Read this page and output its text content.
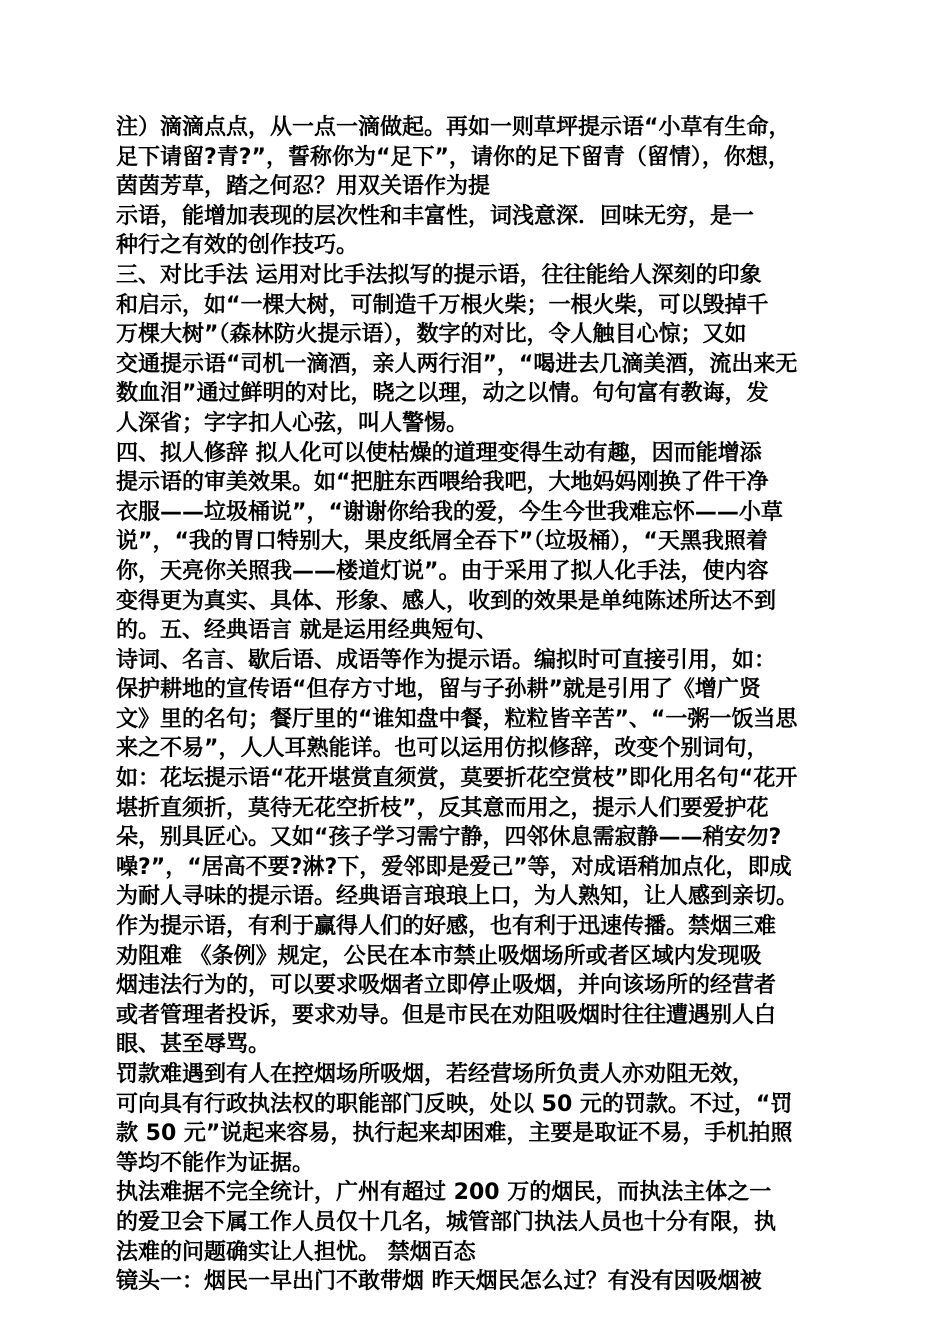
注）滴滴点点，从一点一滴做起。再如一则草坪提示语“小草有生命，
足下请留?青?”，誓称你为“足下”，请你的足下留青（留情），你想，
茵茵芳草，踏之何忍？用双关语作为提
示语，能增加表现的层次性和丰富性，词浅意深．回味无穷，是一
种行之有效的创作技巧。
三、对比手法 运用对比手法拟写的提示语，往往能给人深刻的印象
和启示，如“一棵大树，可制造千万根火柴；一根火柴，可以毁掉千
万棵大树”（森林防火提示语），数字的对比，令人触目心惊；又如
交通提示语“司机一滴酒，亲人两行泪”，“喝进去几滴美酒，流出来无
数血泪”通过鲜明的对比，晓之以理，动之以情。句句富有教诲，发
人深省；字字扣人心弦，叫人警惕。
四、拟人修辞 拟人化可以使枯燥的道理变得生动有趣，因而能增添
提示语的审美效果。如“把脏东西喂给我吧，大地妈妈刚换了件干净
衣服——垃圾桶说”，“谢谢你给我的爱，今生今世我难忘怀——小草
说”，“我的胃口特别大，果皮纸屑全吞下”（垃圾桶），“天黑我照着
你，天亮你关照我——楼道灯说”。由于采用了拟人化手法，使内容
变得更为真实、具体、形象、感人，收到的效果是单纯陈述所达不到
的。五、经典语言 就是运用经典短句、
诗词、名言、歇后语、成语等作为提示语。编拟时可直接引用，如：
保护耕地的宣传语“但存方寸地，留与子孙耕”就是引用了《增广贤
文》里的名句；餐厅里的“谁知盘中餐，粒粒皆辛苦”、“一粥一饭当思
来之不易”，人人耳熟能详。也可以运用仿拟修辞，改变个别词句，
如：花坛提示语“花开堪赏直须赏，莫要折花空赏枝”即化用名句“花开
堪折直须折，莫待无花空折枝”，反其意而用之，提示人们要爱护花
朵，别具匠心。又如“孩子学习需宁静，四邻休息需寂静——稍安勿?
噪?”，“居高不要?淋?下，爱邻即是爱己”等，对成语稍加点化，即成
为耐人寻味的提示语。经典语言琅琅上口，为人熟知，让人感到亲切。
作为提示语，有利于赢得人们的好感，也有利于迅速传播。禁烟三难
劝阻难 《条例》规定，公民在本市禁止吸烟场所或者区域内发现吸
烟违法行为的，可以要求吸烟者立即停止吸烟，并向该场所的经营者
或者管理者投诉，要求劝导。但是市民在劝阻吸烟时往往遭遇别人白
眼、甚至辱骂。
罚款难遇到有人在控烟场所吸烟，若经营场所负责人亦劝阻无效，
可向具有行政执法权的职能部门反映，处以 50 元的罚款。不过，“罚
款 50 元”说起来容易，执行起来却困难，主要是取证不易，手机拍照
等均不能作为证据。
执法难据不完全统计，广州有超过 200 万的烟民，而执法主体之一
的爱卫会下属工作人员仅十几名，城管部门执法人员也十分有限，执
法难的问题确实让人担忧。 禁烟百态
镜头一：烟民一早出门不敢带烟 昨天烟民怎么过？有没有因吸烟被
